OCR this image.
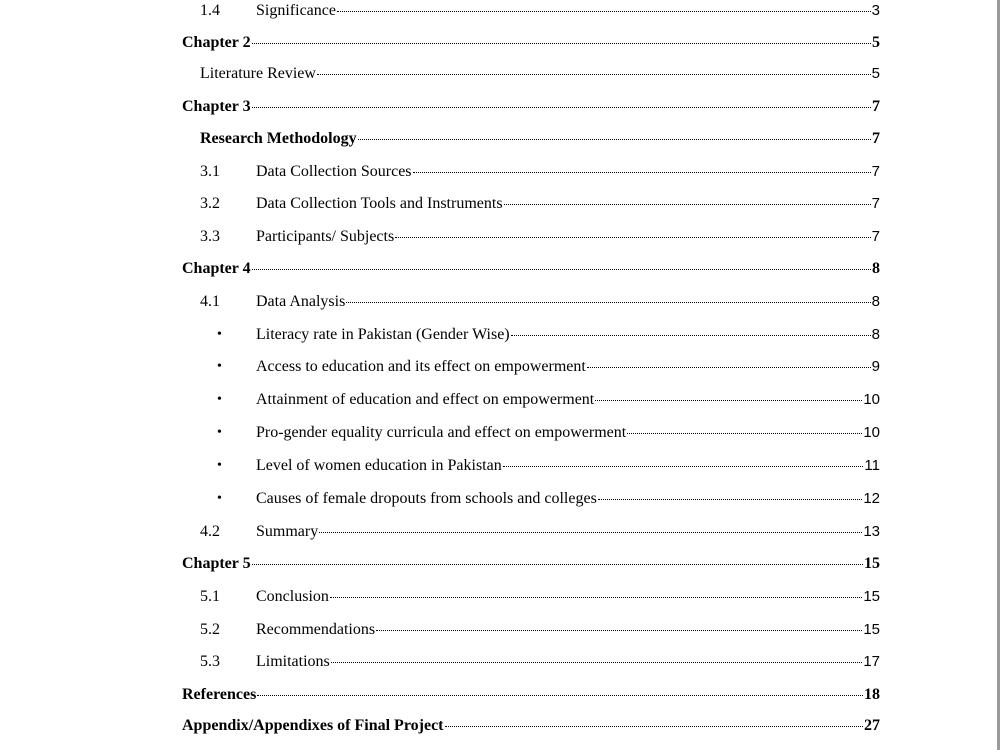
1.4 Significance	3
Chapter 2	5
Literature Review	5
Chapter 3	7
Research Methodology	7
3.1 Data Collection Sources	7
3.2 Data Collection Tools and Instruments	7
3.3 Participants/ Subjects	7
Chapter 4	8
4.1 Data Analysis	8
• Literacy rate in Pakistan (Gender Wise)	8
• Access to education and its effect on empowerment	9
• Attainment of education and effect on empowerment	10
• Pro-gender equality curricula and effect on empowerment	10
• Level of women education in Pakistan	11
• Causes of female dropouts from schools and colleges	12
4.2 Summary	13
Chapter 5	15
5.1 Conclusion	15
5.2 Recommendations	15
5.3 Limitations	17
References	18
Appendix/Appendixes of Final Project	27
